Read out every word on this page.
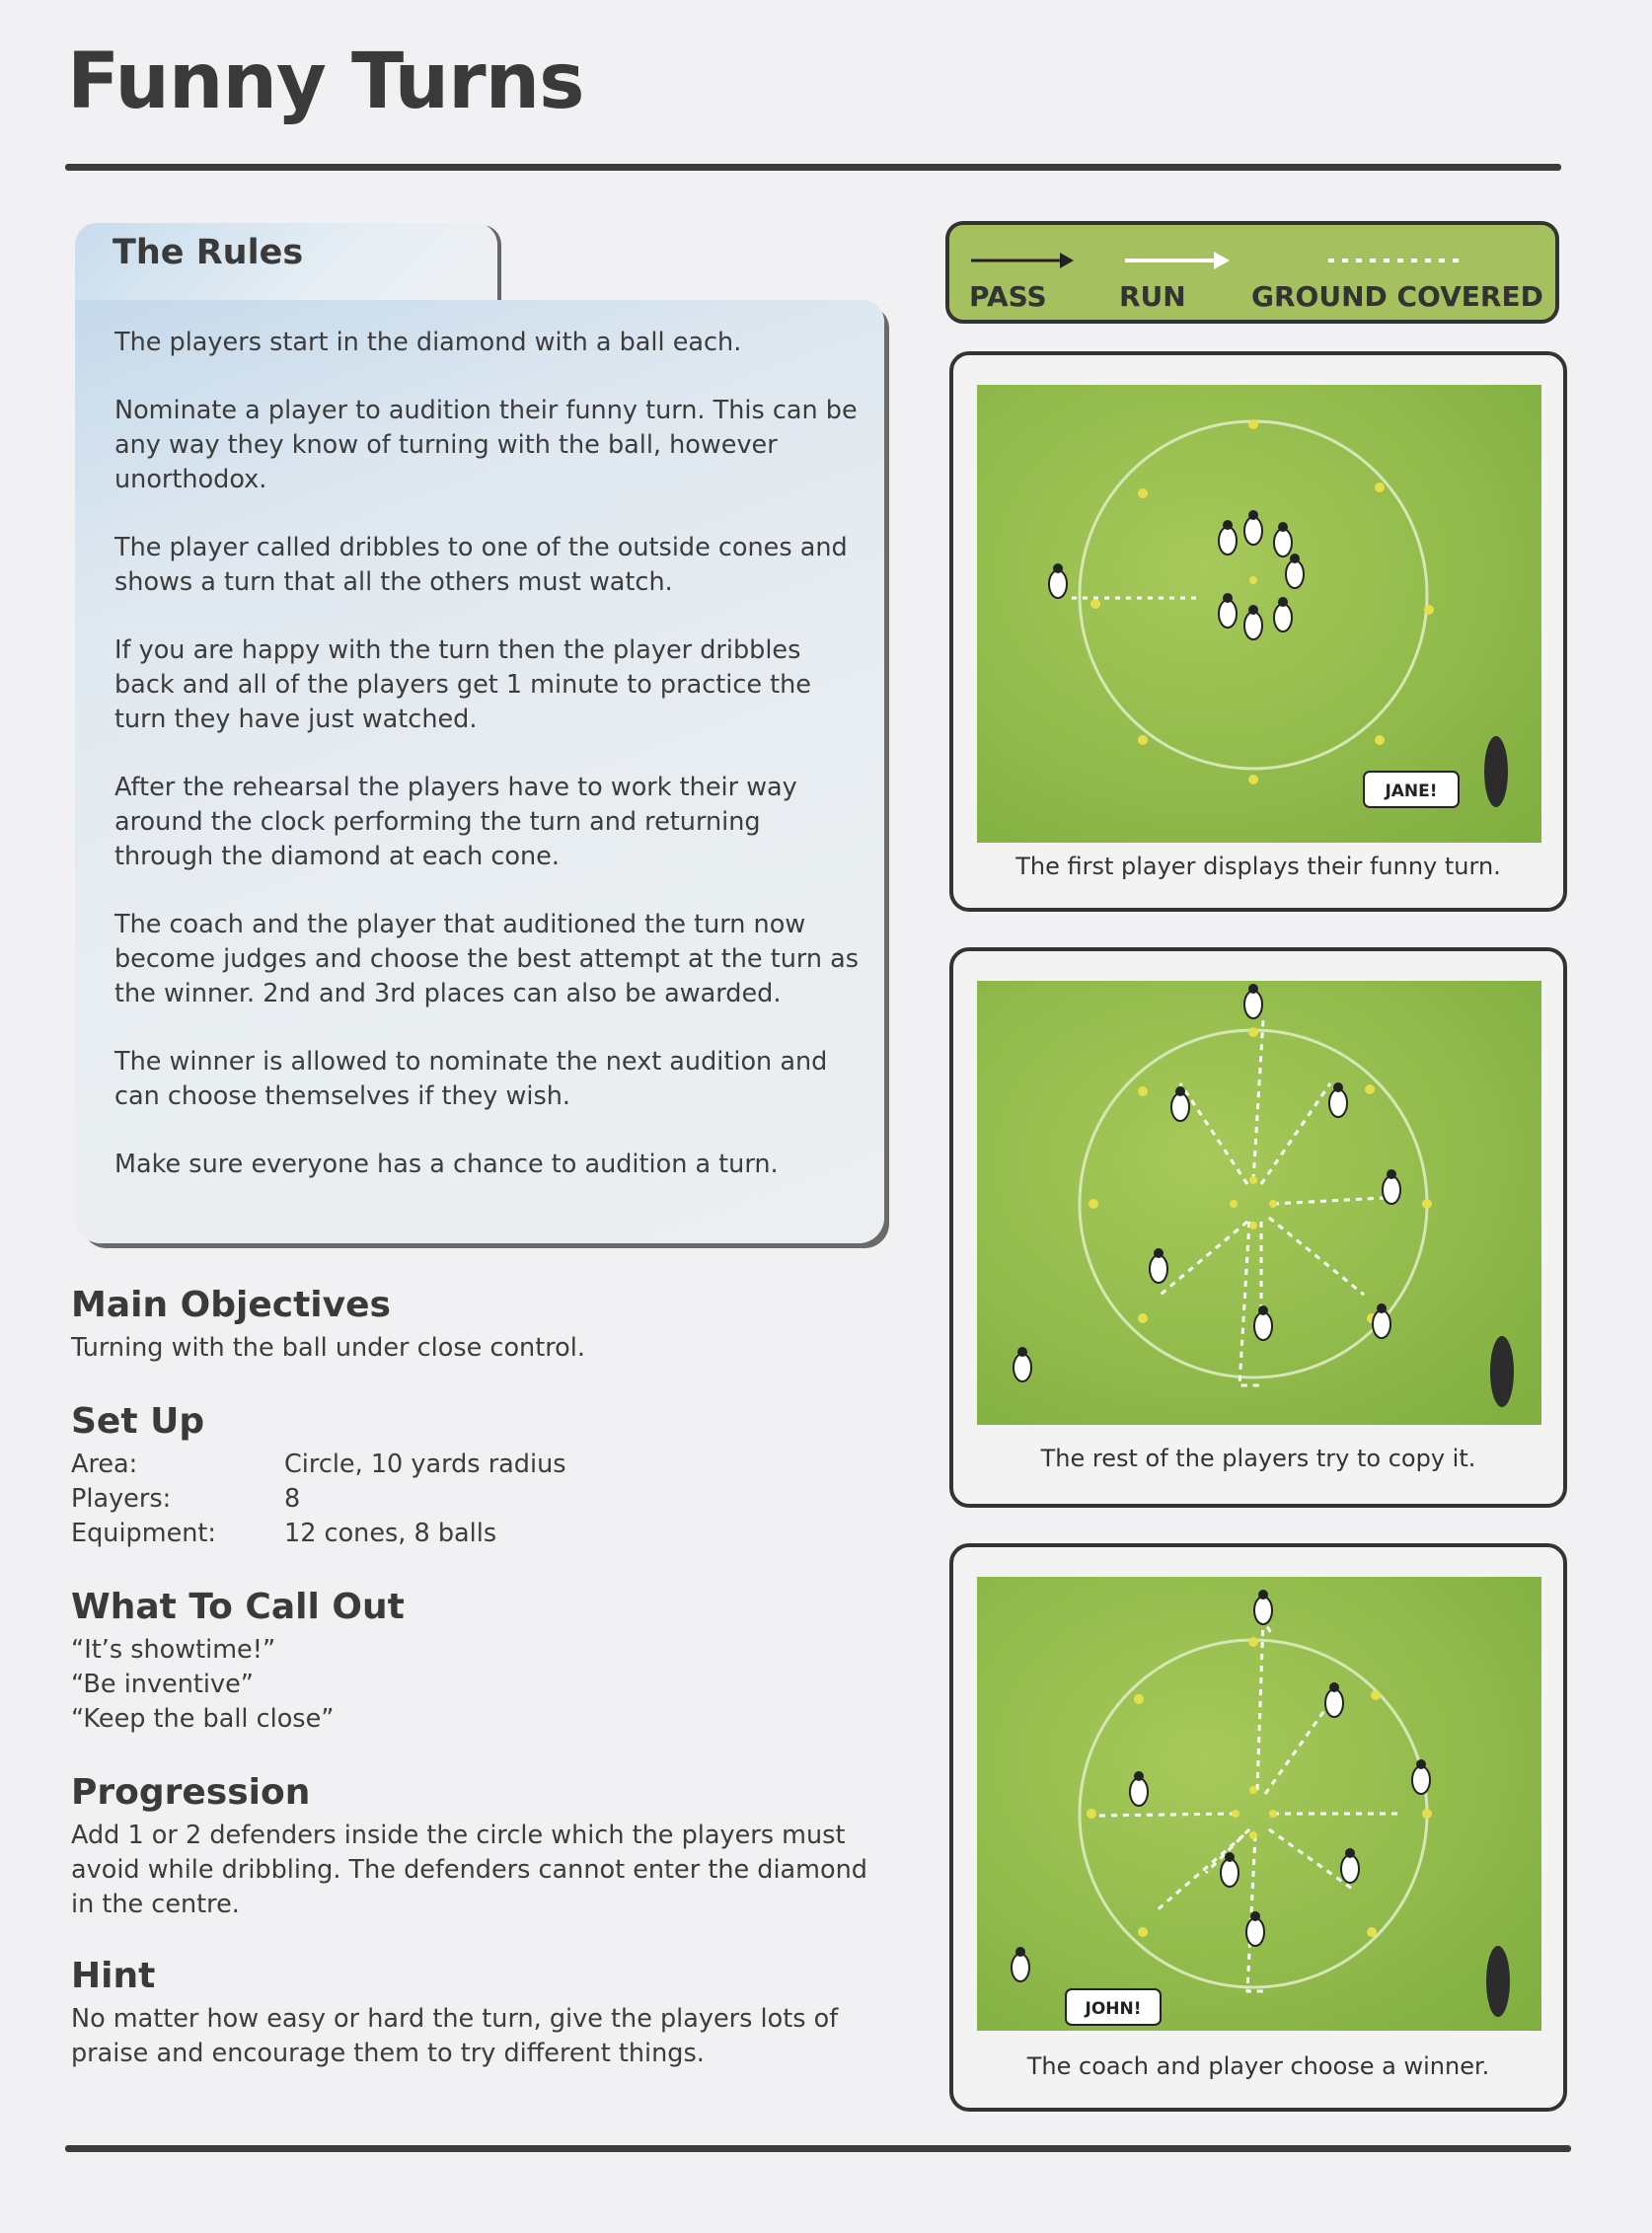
Funny Turns
The Rules

The players start in the diamond with a ball each.

Nominate a player to audition their funny turn. This can be any way they know of turning with the ball, however unorthodox.

The player called dribbles to one of the outside cones and shows a turn that all the others must watch.

If you are happy with the turn then the player dribbles back and all of the players get 1 minute to practice the turn they have just watched.

After the rehearsal the players have to work their way around the clock performing the turn and returning through the diamond at each cone.

The coach and the player that auditioned the turn now become judges and choose the best attempt at the turn as the winner. 2nd and 3rd places can also be awarded.

The winner is allowed to nominate the next audition and can choose themselves if they wish.

Make sure everyone has a chance to audition a turn.

Main Objectives

Turning with the ball under close control.

Set Up
Area:	Circle, 10 yards radius
Players:	8
Equipment:	12 cones, 8 balls
What To Call Out

“It’s showtime!”

“Be inventive”

“Keep the ball close”

Progression

Add 1 or 2 defenders inside the circle which the players must avoid while dribbling. The defenders cannot enter the diamond in the centre.

Hint

No matter how easy or hard the turn, give the players lots of praise and encourage them to try different things.

PASS	RUN GROUND COVERED

JANE!

The first player displays their funny turn.

The rest of the players try to copy it.

JOHN!

The coach and player choose a winner.
